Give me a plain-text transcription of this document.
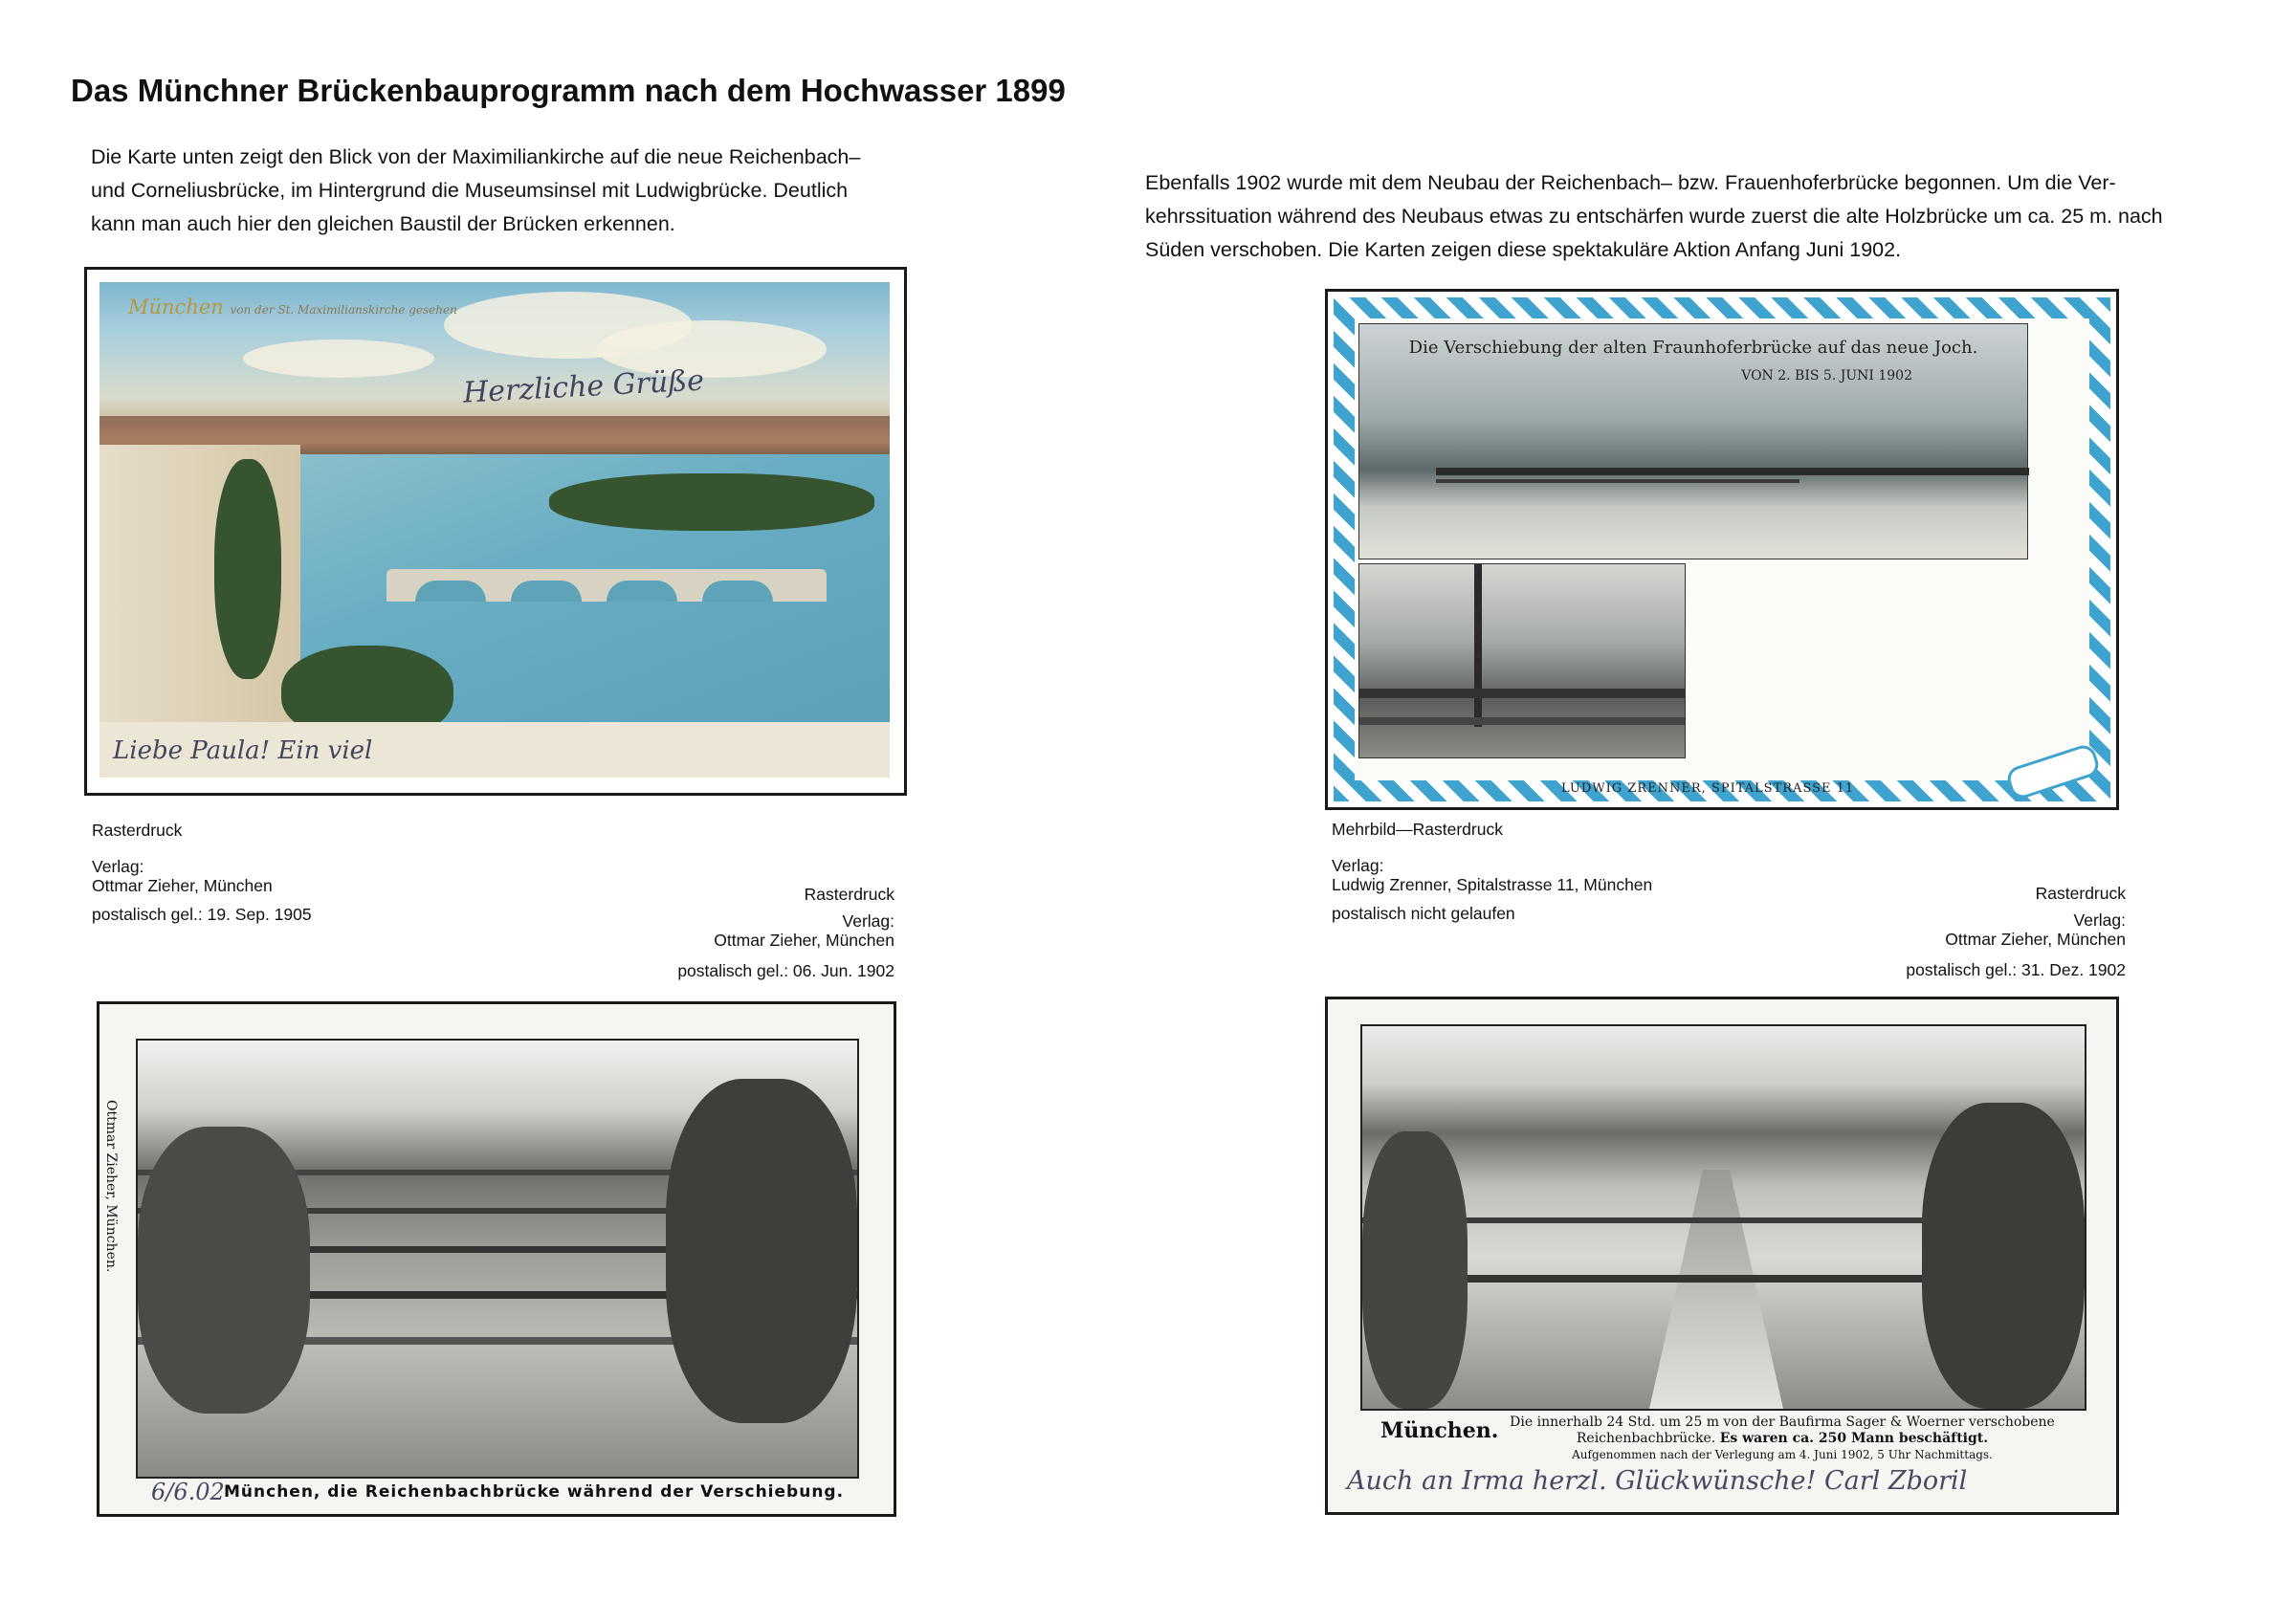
Das Münchner Brückenbauprogramm nach dem Hochwasser 1899
Die Karte unten zeigt den Blick von der Maximiliankirche auf die neue Reichenbach–
und Corneliusbrücke, im Hintergrund die Museumsinsel mit Ludwigbrücke. Deutlich
kann man auch hier den gleichen Baustil der Brücken erkennen.
Ebenfalls 1902 wurde mit dem Neubau der Reichenbach– bzw. Frauenhoferbrücke begonnen. Um die Ver-
kehrssituation während des Neubaus etwas zu entschärfen wurde zuerst die alte Holzbrücke um ca. 25 m. nach
Süden verschoben. Die Karten zeigen diese spektakuläre Aktion Anfang Juni 1902.
München von der St. Maximilianskirche gesehen
Herzliche Grüße
Liebe Paula! Ein viel
Rasterdruck
Verlag:
Ottmar Zieher, München
postalisch gel.: 19. Sep. 1905
Rasterdruck
Verlag:
Ottmar Zieher, München
postalisch gel.: 06. Jun. 1902
Ottmar Zieher, München.
München, die Reichenbachbrücke während der Verschiebung.
6/6.02
Die Verschiebung der alten Fraunhoferbrücke auf das neue Joch.
VON 2. BIS 5. JUNI 1902
LUDWIG ZRENNER, SPITALSTRASSE 11
Mehrbild—Rasterdruck
Verlag:
Ludwig Zrenner, Spitalstrasse 11, München
postalisch nicht gelaufen
Rasterdruck
Verlag:
Ottmar Zieher, München
postalisch gel.: 31. Dez. 1902
München. Die innerhalb 24 Std. um 25 m von der Baufirma Sager & Woerner verschobene
Reichenbachbrücke. Es waren ca. 250 Mann beschäftigt.
Aufgenommen nach der Verlegung am 4. Juni 1902, 5 Uhr Nachmittags.
Auch an Irma herzl. Glückwünsche! Carl Zboril
